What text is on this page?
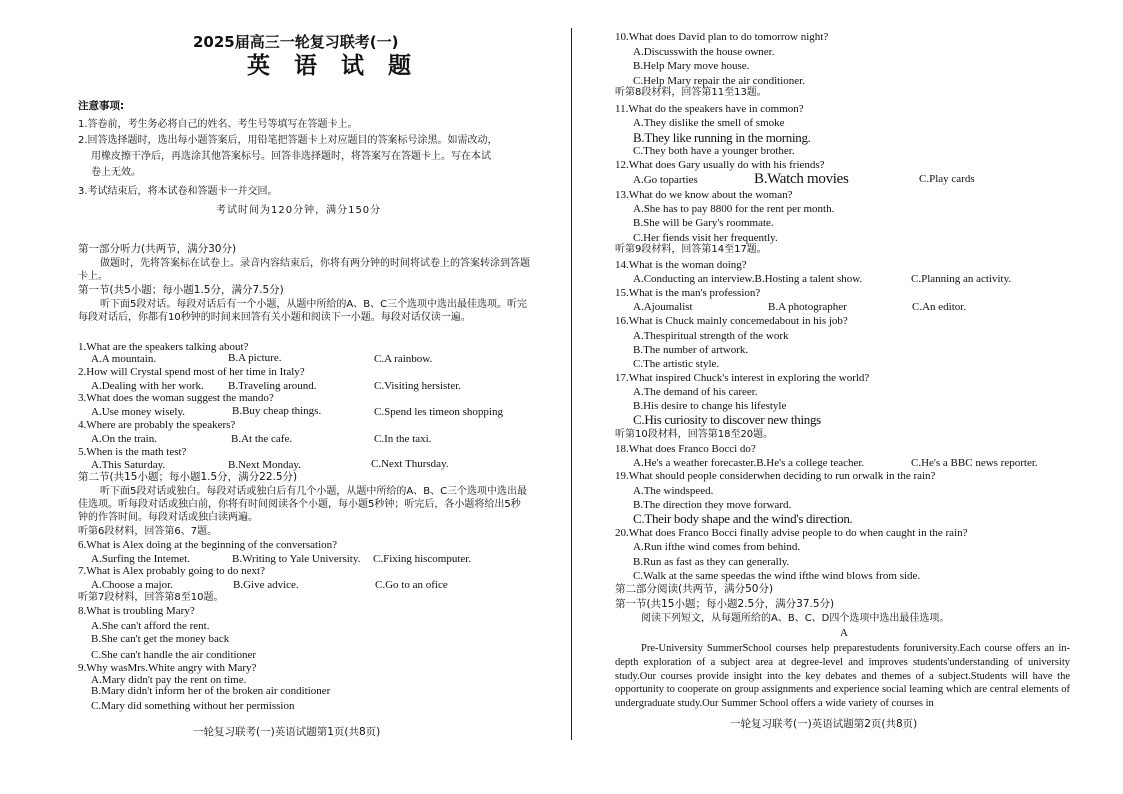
2025届高三一轮复习联考(一)
英 语 试 题
注意事项:
1.答卷前，考生务必将自己的姓名、考生号等填写在答题卡上。
2.回答选择题时，选出每小题答案后，用铅笔把答题卡上对应题目的答案标号涂黑。如需改动，
用橡皮擦干净后，再选涂其他答案标号。回答非选择题时，将答案写在答题卡上。写在本试
卷上无效。
3.考试结束后，将本试卷和答题卡一并交回。
考试时间为120分钟，满分150分
第一部分听力(共两节，满分30分)
做题时，先将答案标在试卷上。录音内容结束后，你将有两分钟的时间将试卷上的答案转涂到答题卡上。
第一节(共5小题；每小题1.5分，满分7.5分)
听下面5段对话。每段对话后有一个小题，从题中所给的A、B、C三个选项中选出最佳选项。听完每段对话后，你都有10秒钟的时间来回答有关小题和阅读下一小题。每段对话仅读一遍。
1.What are the speakers talking about?
A.A mountain.	B.A picture.	C.A rainbow.
2.How will Crystal spend most of her time in Italy?
A.Dealing with her work. B.Traveling around.	C.Visiting hersister.
3.What does the woman suggest the mando?
A.Use money wisely.	B.Buy cheap things.	C.Spend les timeon shopping
4.Where are probably the speakers?
A.On the train.	B.At the cafe.	C.In the taxi.
5.When is the math test?
A.This Saturday.	B.Next Monday.	C.Next Thursday.
第二节(共15小题；每小题1.5分，满分22.5分)
听下面5段对话或独白。每段对话或独白后有几个小题，从题中所给的A、B、C三个选项中选出最佳选项。听每段对话或独白前，你将有时间阅读各个小题，每小题5秒钟；听完后，各小题将给出5秒钟的作答时间。每段对话或独白读两遍。
听第6段材料，回答第6、7题。
6.What is Alex doing at the beginning of the conversation?
A.Surfing the Intemet.	B.Writing to Yale University. C.Fixing hiscomputer.
7.What is Alex probably going to do next?
A.Choose a major.	B.Give advice.	C.Go to an ofice
听第7段材料，回答第8至10题。
8.What is troubling Mary?
A.She can't afford the rent.
B.She can't get the money back
C.She can't handle the air conditioner
9.Why wasMrs.White angry with Mary?
A.Mary didn't pay the rent on time.
B.Mary didn't inform her of the broken air conditioner
C.Mary did something without her permission
一轮复习联考(一)英语试题第1页(共8页)
10.What does David plan to do tomorrow night?
A.Discusswith the house owner.
B.Help Mary move house.
C.Help Mary repair the air conditioner.
听第8段材料，回答第11至13题。
11.What do the speakers have in common?
A.They dislike the smell of smoke
B.They like running in the morning.
C.They both have a younger brother.
12.What does Gary usually do with his friends?
A.Go toparties	B.Watch movies	C.Play cards
13.What do we know about the woman?
A.She has to pay 8800 for the rent per month.
B.She will be Gary's roommate.
C.Her fiends visit her frequently.
听第9段材料，回答第14至17题。
14.What is the woman doing?
A.Conducting an interview.B.Hosting a talent show.	C.Planning an activity.
15.What is the man's profession?
A.Ajoumalist	B.A photographer	C.An editor.
16.What is Chuck mainly concemedabout in his job?
A.Thespiritual strength of the work
B.The number of artwork.
C.The artistic style.
17.What inspired Chuck's interest in exploring the world?
A.The demand of his career.
B.His desire to change his lifestyle
C.His curiosity to discover new things
听第10段材料，回答第18至20题。
18.What does Franco Bocci do?
A.He's a weather forecaster.B.He's a college teacher.	C.He's a BBC news reporter.
19.What should people considerwhen deciding to run orwalk in the rain?
A.The windspeed.
B.The direction they move forward.
C.Their body shape and the wind's direction.
20.What does Franco Bocci finally advise people to do when caught in the rain?
A.Run ifthe wind comes from behind.
B.Run as fast as they can generally.
C.Walk at the same speedas the wind ifthe wind blows from side.
第二部分阅读(共两节，满分50分)
第一节(共15小题；每小题2.5分，满分37.5分)
阅读下列短文，从每题所给的A、B、C、D四个选项中选出最佳选项。
A
Pre-University SummerSchool courses help preparestudents foruniversity.Each course offers an in-depth exploration of a subject area at degree-level and improves students'understanding of university study.Our courses provide insight into the key debates and themes of a subject.Students will have the opportunity to cooperate on group assignments and experience social leaming which are central elements of undergraduate study.Our Summer School offers a wide variety of courses in
一轮复习联考(一)英语试题第2页(共8页)
